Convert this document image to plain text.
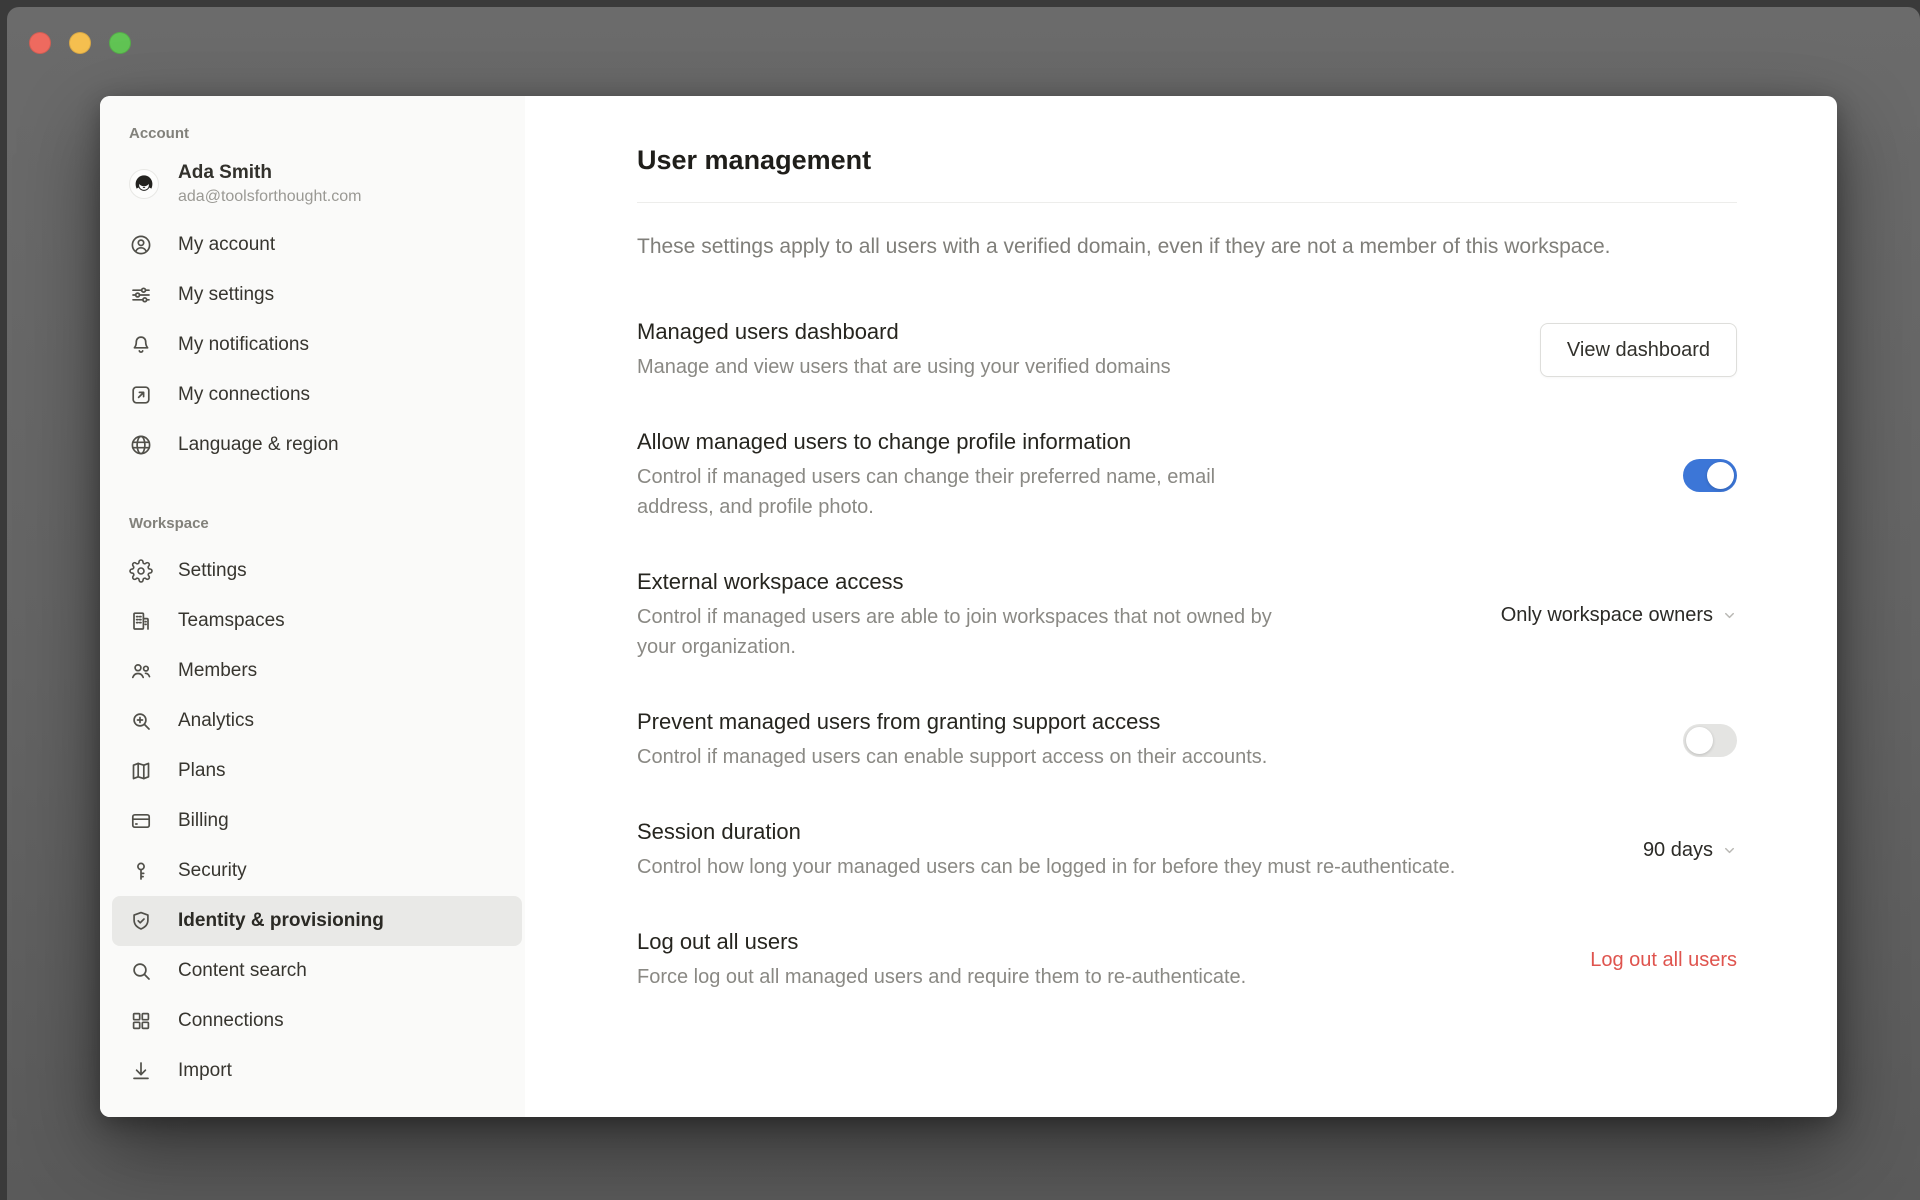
Account
Ada Smith
ada@toolsforthought.com
My account
My settings
My notifications
My connections
Language & region
Workspace
Settings
Teamspaces
Members
Analytics
Plans
Billing
Security
Identity & provisioning
Content search
Connections
Import
User management
These settings apply to all users with a verified domain, even if they are not a member of this workspace.
Managed users dashboard
Manage and view users that are using your verified domains
View dashboard
Allow managed users to change profile information
Control if managed users can change their preferred name, email address, and profile photo.
External workspace access
Control if managed users are able to join workspaces that not owned by your organization.
Only workspace owners
Prevent managed users from granting support access
Control if managed users can enable support access on their accounts.
Session duration
Control how long your managed users can be logged in for before they must re-authenticate.
90 days
Log out all users
Force log out all managed users and require them to re-authenticate.
Log out all users
